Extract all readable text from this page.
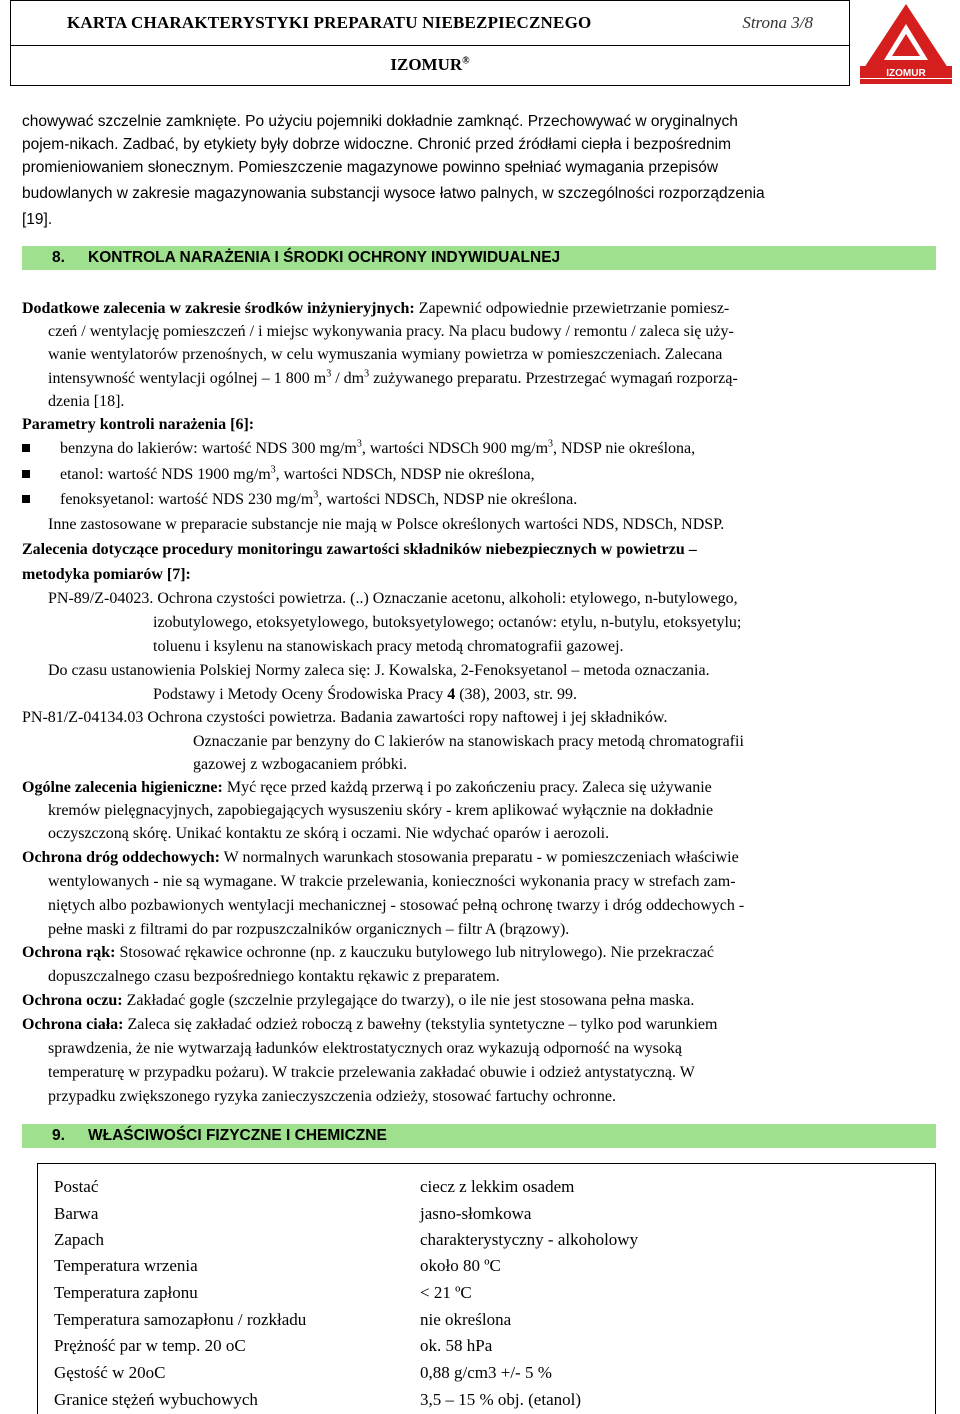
KARTA CHARAKTERYSTYKI PREPARATU NIEBEZPIECZNEGO	Strona 3/8
IZOMUR®
IZOMUR
chowywać szczelnie zamknięte. Po użyciu pojemniki dokładnie zamknąć. Przechowywać w oryginalnych
pojem-nikach. Zadbać, by etykiety były dobrze widoczne. Chronić przed źródłami ciepła i bezpośrednim
promieniowaniem słonecznym. Pomieszczenie magazynowe powinno spełniać wymagania przepisów
budowlanych w zakresie magazynowania substancji wysoce łatwo palnych, w szczególności rozporządzenia
[19].
8. KONTROLA NARAŻENIA I ŚRODKI OCHRONY INDYWIDUALNEJ
Dodatkowe zalecenia w zakresie środków inżynieryjnych: Zapewnić odpowiednie przewietrzanie pomiesz-
czeń / wentylację pomieszczeń / i miejsc wykonywania pracy. Na placu budowy / remontu / zaleca się uży-
wanie wentylatorów przenośnych, w celu wymuszania wymiany powietrza w pomieszczeniach. Zalecana
intensywność wentylacji ogólnej – 1 800 $m^3 / dm^3$ zużywanego preparatu. Przestrzegać wymagań rozporzą-
dzenia [18].
Parametry kontroli narażenia [6]:
benzyna do lakierów: wartość NDS 300 $mg/m^3$, wartości NDSCh 900 $mg/m^3$, NDSP nie określona,
etanol: wartość NDS 1900 $mg/m^3$, wartości NDSCh, NDSP nie określona,
fenoksyetanol: wartość NDS 230 $mg/m^3$, wartości NDSCh, NDSP nie określona.
Inne zastosowane w preparacie substancje nie mają w Polsce określonych wartości NDS, NDSCh, NDSP.
Zalecenia dotyczące procedury monitoringu zawartości składników niebezpiecznych w powietrzu –
metodyka pomiarów [7]:
PN-89/Z-04023. Ochrona czystości powietrza. (..) Oznaczanie acetonu, alkoholi: etylowego, n-butylowego,
izobutylowego, etoksyetylowego, butoksyetylowego; octanów: etylu, n-butylu, etoksyetylu;
toluenu i ksylenu na stanowiskach pracy metodą chromatografii gazowej.
Do czasu ustanowienia Polskiej Normy zaleca się: J. Kowalska, 2-Fenoksyetanol – metoda oznaczania.
Podstawy i Metody Oceny Środowiska Pracy 4 (38), 2003, str. 99.
PN-81/Z-04134.03 Ochrona czystości powietrza. Badania zawartości ropy naftowej i jej składników.
Oznaczanie par benzyny do C lakierów na stanowiskach pracy metodą chromatografii
gazowej z wzbogacaniem próbki.
Ogólne zalecenia higieniczne: Myć ręce przed każdą przerwą i po zakończeniu pracy. Zaleca się używanie
kremów pielęgnacyjnych, zapobiegających wysuszeniu skóry - krem aplikować wyłącznie na dokładnie
oczyszczoną skórę. Unikać kontaktu ze skórą i oczami. Nie wdychać oparów i aerozoli.
Ochrona dróg oddechowych: W normalnych warunkach stosowania preparatu - w pomieszczeniach właściwie
wentylowanych - nie są wymagane. W trakcie przelewania, konieczności wykonania pracy w strefach zam-
niętych albo pozbawionych wentylacji mechanicznej - stosować pełną ochronę twarzy i dróg oddechowych -
pełne maski z filtrami do par rozpuszczalników organicznych – filtr A (brązowy).
Ochrona rąk: Stosować rękawice ochronne (np. z kauczuku butylowego lub nitrylowego). Nie przekraczać
dopuszczalnego czasu bezpośredniego kontaktu rękawic z preparatem.
Ochrona oczu: Zakładać gogle (szczelnie przylegające do twarzy), o ile nie jest stosowana pełna maska.
Ochrona ciała: Zaleca się zakładać odzież roboczą z bawełny (tekstylia syntetyczne – tylko pod warunkiem
sprawdzenia, że nie wytwarzają ładunków elektrostatycznych oraz wykazują odporność na wysoką
temperaturę w przypadku pożaru). W trakcie przelewania zakładać obuwie i odzież antystatyczną. W
przypadku zwiększonego ryzyka zanieczyszczenia odzieży, stosować fartuchy ochronne.
9. WŁAŚCIWOŚCI FIZYCZNE I CHEMICZNE
Postać	ciecz z lekkim osadem
Barwa	jasno-słomkowa
Zapach	charakterystyczny - alkoholowy
Temperatura wrzenia	około 80 ºC
Temperatura zapłonu	< 21 ºC
Temperatura samozapłonu / rozkładu	nie określona
Prężność par w temp. 20 oC	ok. 58 hPa
Gęstość w 20oC	0,88 g/cm3 +/- 5 %
Granice stężeń wybuchowych	3,5 – 15 % obj. (etanol)
